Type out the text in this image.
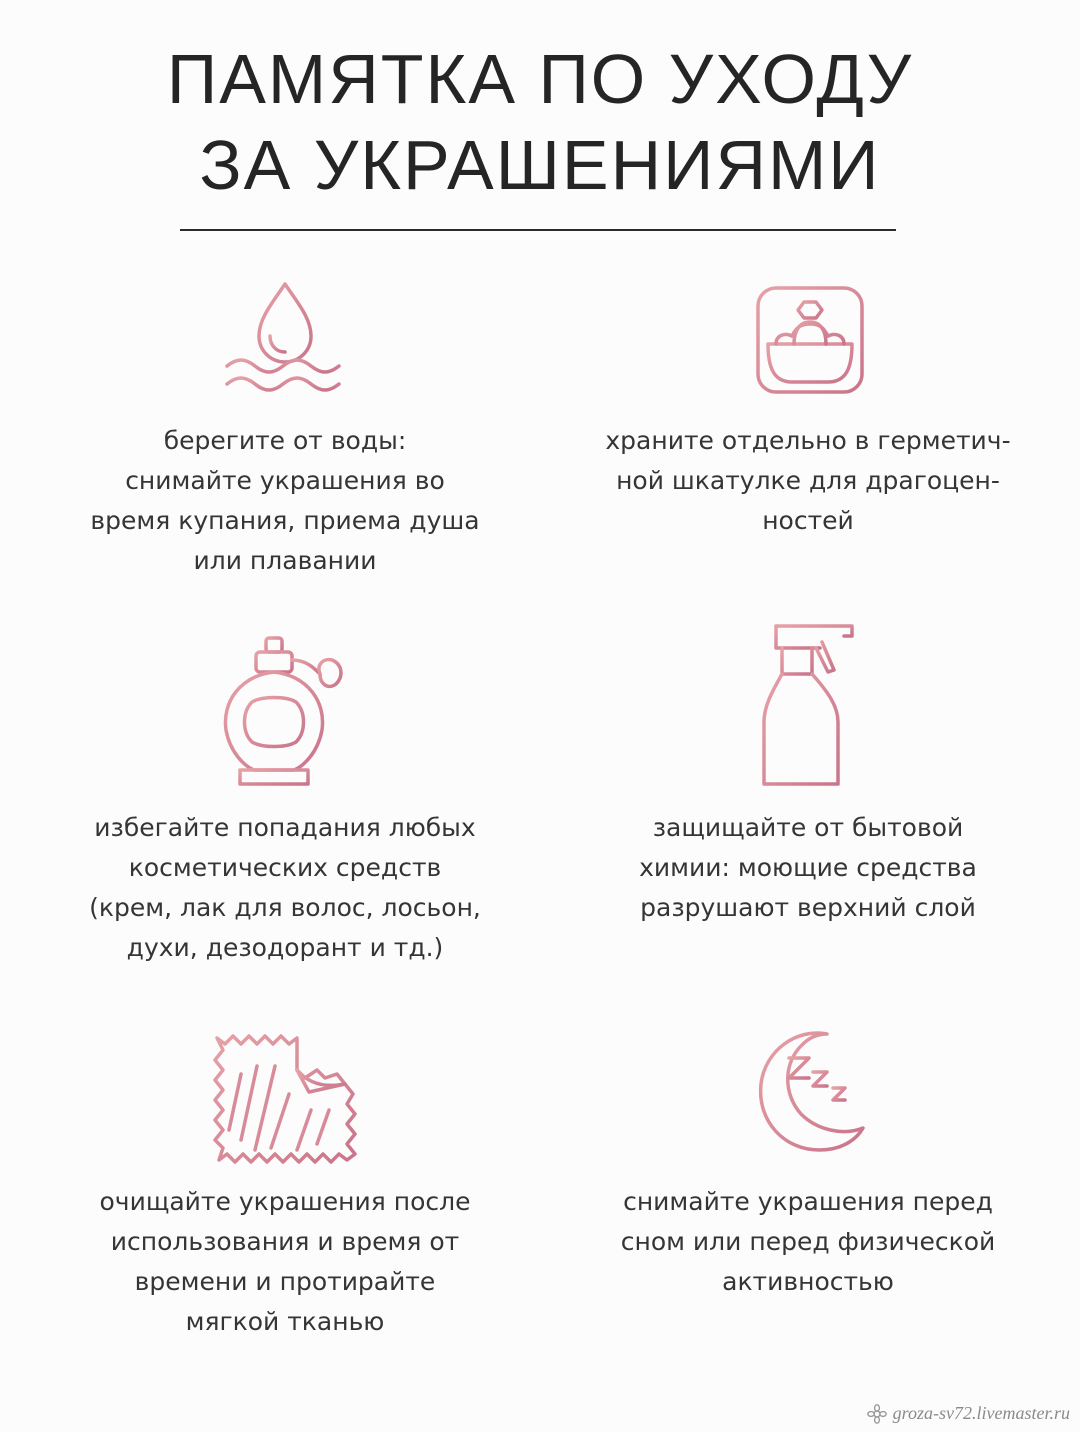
ПАМЯТКА ПО УХОДУ
ЗА УКРАШЕНИЯМИ
берегите от воды:
снимайте украшения во
время купания, приема душа
или плавании
храните отдельно в герметич-
ной шкатулке для драгоцен-
ностей
избегайте попадания любых
косметических средств
(крем, лак для волос, лосьон,
духи, дезодорант и тд.)
защищайте от бытовой
химии: моющие средства
разрушают верхний слой
очищайте украшения после
использования и время от
времени и протирайте
мягкой тканью
снимайте украшения перед
сном или перед физической
активностью
groza-sv72.livemaster.ru
